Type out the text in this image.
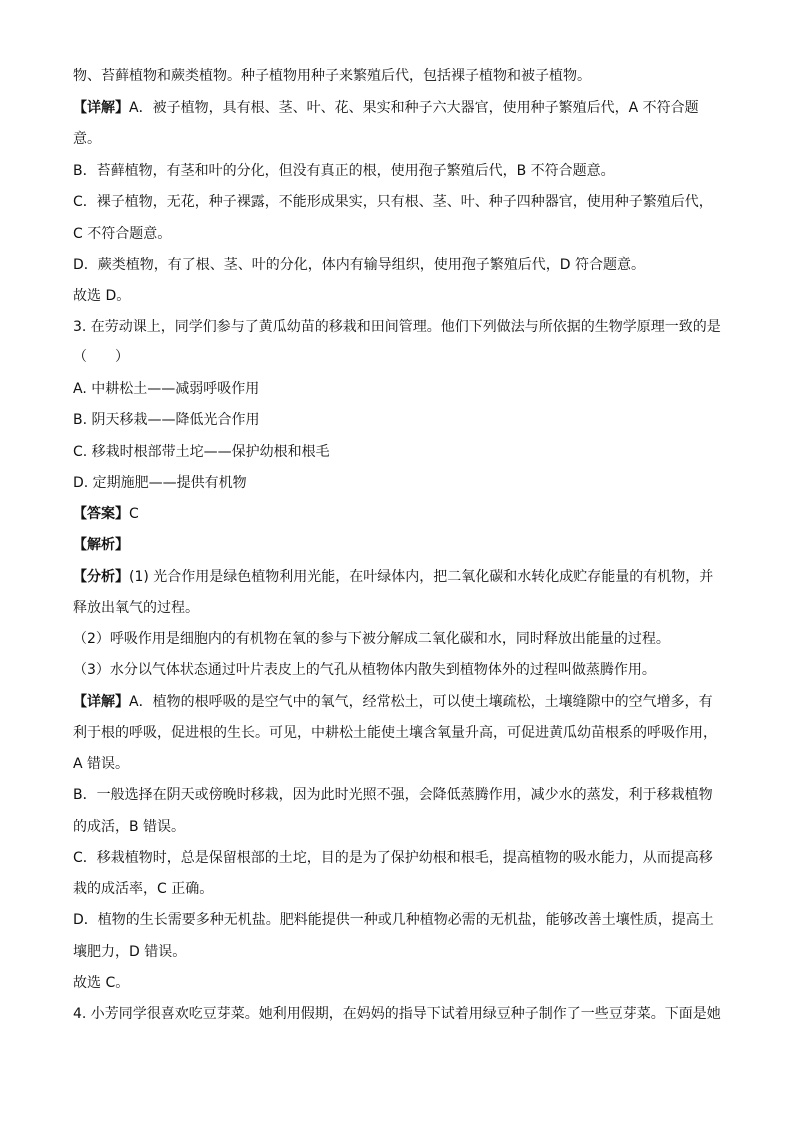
物、苔藓植物和蕨类植物。种子植物用种子来繁殖后代，包括裸子植物和被子植物。
【详解】A．被子植物，具有根、茎、叶、花、果实和种子六大器官，使用种子繁殖后代，A 不符合题
意。
B．苔藓植物，有茎和叶的分化，但没有真正的根，使用孢子繁殖后代，B 不符合题意。
C．裸子植物，无花，种子裸露，不能形成果实，只有根、茎、叶、种子四种器官，使用种子繁殖后代，
C 不符合题意。
D．蕨类植物，有了根、茎、叶的分化，体内有输导组织，使用孢子繁殖后代，D 符合题意。
故选 D。
3. 在劳动课上，同学们参与了黄瓜幼苗的移栽和田间管理。他们下列做法与所依据的生物学原理一致的是
（　　）
A. 中耕松土——减弱呼吸作用
B. 阴天移栽——降低光合作用
C. 移栽时根部带土坨——保护幼根和根毛
D. 定期施肥——提供有机物
【答案】C
【解析】
【分析】(1) 光合作用是绿色植物利用光能，在叶绿体内，把二氧化碳和水转化成贮存能量的有机物，并
释放出氧气的过程。
（2）呼吸作用是细胞内的有机物在氧的参与下被分解成二氧化碳和水，同时释放出能量的过程。
（3）水分以气体状态通过叶片表皮上的气孔从植物体内散失到植物体外的过程叫做蒸腾作用。
【详解】A．植物的根呼吸的是空气中的氧气，经常松土，可以使土壤疏松，土壤缝隙中的空气增多，有
利于根的呼吸，促进根的生长。可见，中耕松土能使土壤含氧量升高，可促进黄瓜幼苗根系的呼吸作用，
A 错误。
B．一般选择在阴天或傍晚时移栽，因为此时光照不强，会降低蒸腾作用，减少水的蒸发，利于移栽植物
的成活，B 错误。
C．移栽植物时，总是保留根部的土坨，目的是为了保护幼根和根毛，提高植物的吸水能力，从而提高移
栽的成活率，C 正确。
D．植物的生长需要多种无机盐。肥料能提供一种或几种植物必需的无机盐，能够改善土壤性质，提高土
壤肥力，D 错误。
故选 C。
4. 小芳同学很喜欢吃豆芽菜。她利用假期，在妈妈的指导下试着用绿豆种子制作了一些豆芽菜。下面是她
